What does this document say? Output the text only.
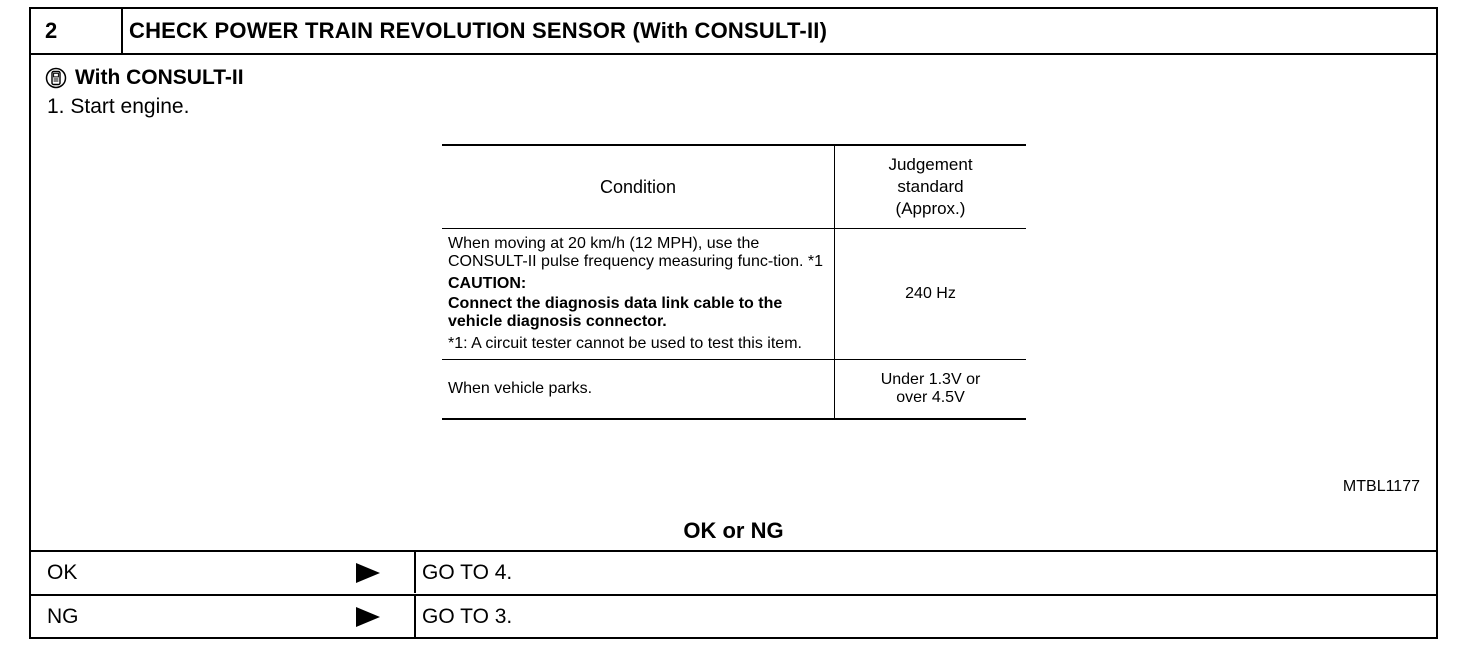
2	CHECK POWER TRAIN REVOLUTION SENSOR (With CONSULT-II)
With CONSULT-II
1. Start engine.
Condition	Judgement
standard
(Approx.)

When moving at 20 km/h (12 MPH), use the CONSULT-II pulse frequency measuring func-tion. *1
CAUTION:
Connect the diagnosis data link cable to the vehicle diagnosis connector.
*1: A circuit tester cannot be used to test this item.	240 Hz
When vehicle parks.	Under 1.3V or
over 4.5V
MTBL1177
OK or NG
OK	GO TO 4.
NG	GO TO 3.
